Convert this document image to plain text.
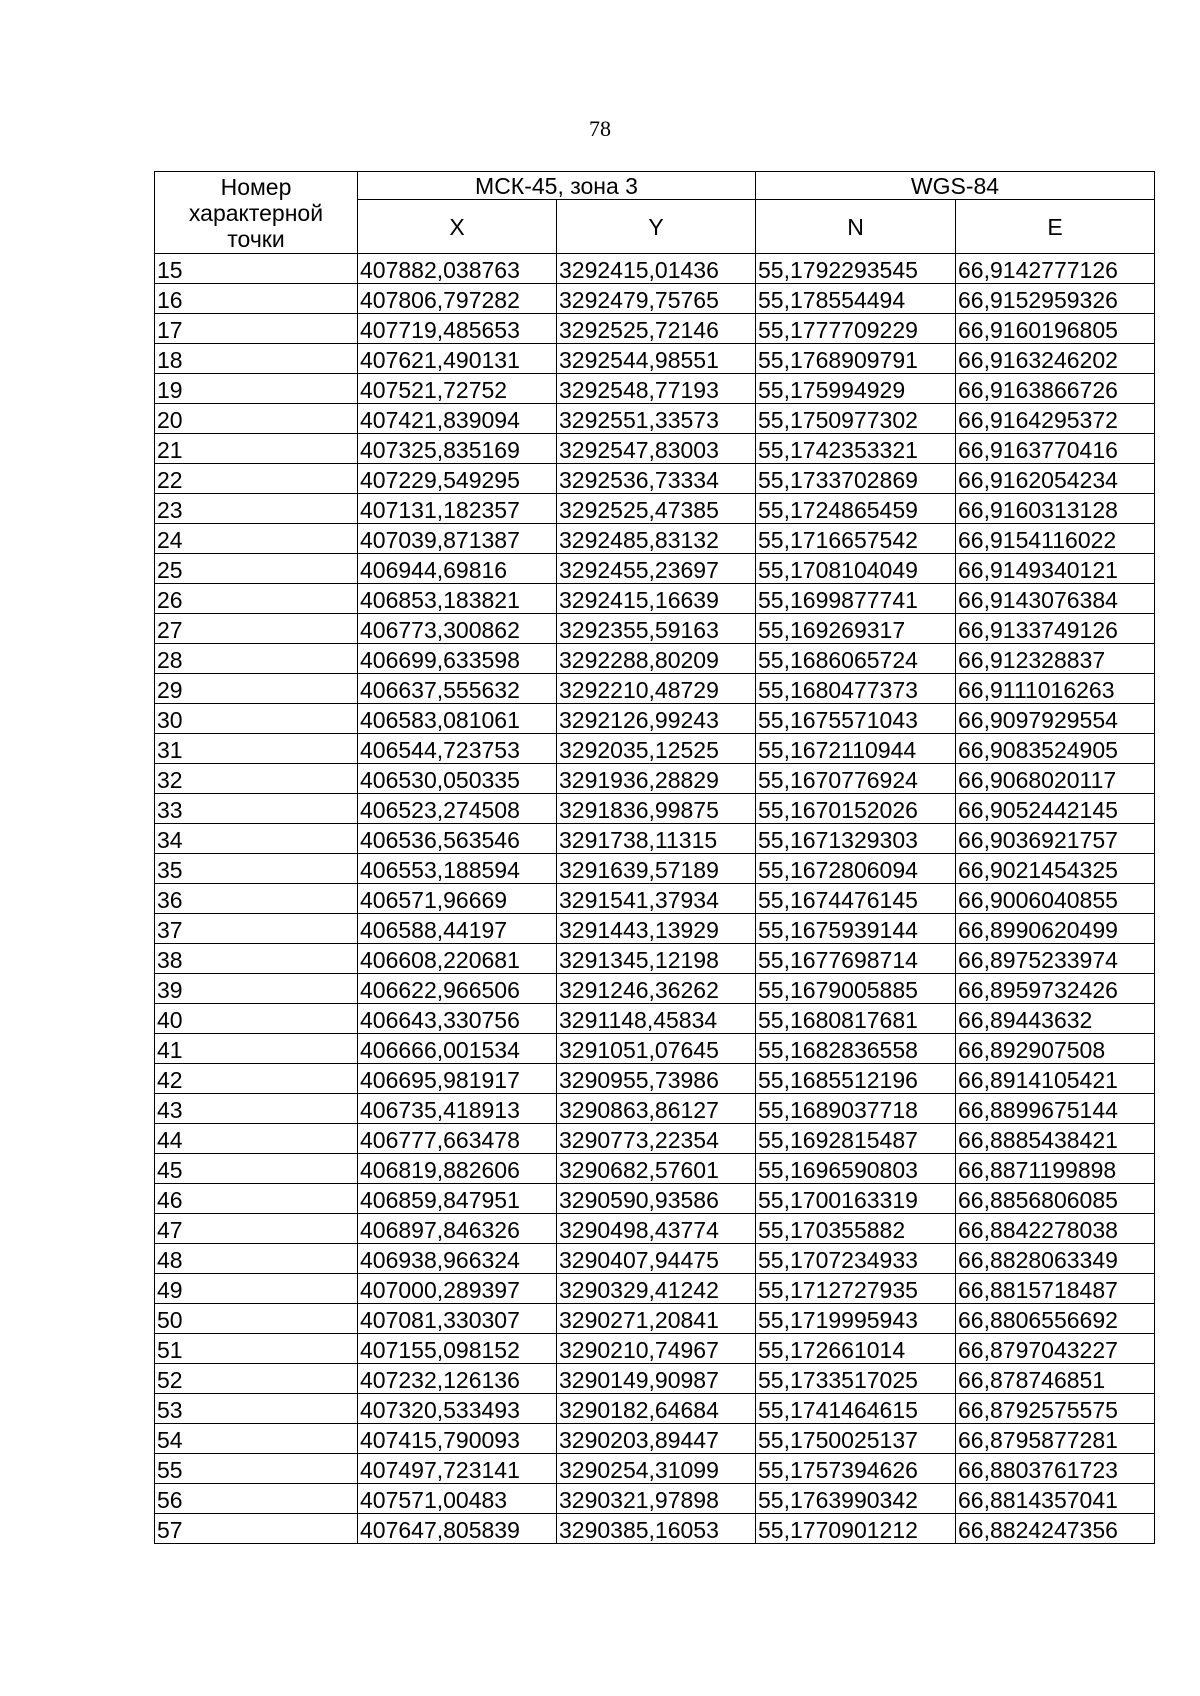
78
Номер
характерной
точки	МСК-45, зона 3		WGS-84	
	X	Y	N	E
15	407882,038763	3292415,01436	55,1792293545	66,9142777126
16	407806,797282	3292479,75765	55,178554494	66,9152959326
17	407719,485653	3292525,72146	55,1777709229	66,9160196805
18	407621,490131	3292544,98551	55,1768909791	66,9163246202
19	407521,72752	3292548,77193	55,175994929	66,9163866726
20	407421,839094	3292551,33573	55,1750977302	66,9164295372
21	407325,835169	3292547,83003	55,1742353321	66,9163770416
22	407229,549295	3292536,73334	55,1733702869	66,9162054234
23	407131,182357	3292525,47385	55,1724865459	66,9160313128
24	407039,871387	3292485,83132	55,1716657542	66,9154116022
25	406944,69816	3292455,23697	55,1708104049	66,9149340121
26	406853,183821	3292415,16639	55,1699877741	66,9143076384
27	406773,300862	3292355,59163	55,169269317	66,9133749126
28	406699,633598	3292288,80209	55,1686065724	66,912328837
29	406637,555632	3292210,48729	55,1680477373	66,9111016263
30	406583,081061	3292126,99243	55,1675571043	66,9097929554
31	406544,723753	3292035,12525	55,1672110944	66,9083524905
32	406530,050335	3291936,28829	55,1670776924	66,9068020117
33	406523,274508	3291836,99875	55,1670152026	66,9052442145
34	406536,563546	3291738,11315	55,1671329303	66,9036921757
35	406553,188594	3291639,57189	55,1672806094	66,9021454325
36	406571,96669	3291541,37934	55,1674476145	66,9006040855
37	406588,44197	3291443,13929	55,1675939144	66,8990620499
38	406608,220681	3291345,12198	55,1677698714	66,8975233974
39	406622,966506	3291246,36262	55,1679005885	66,8959732426
40	406643,330756	3291148,45834	55,1680817681	66,89443632
41	406666,001534	3291051,07645	55,1682836558	66,892907508
42	406695,981917	3290955,73986	55,1685512196	66,8914105421
43	406735,418913	3290863,86127	55,1689037718	66,8899675144
44	406777,663478	3290773,22354	55,1692815487	66,8885438421
45	406819,882606	3290682,57601	55,1696590803	66,8871199898
46	406859,847951	3290590,93586	55,1700163319	66,8856806085
47	406897,846326	3290498,43774	55,170355882	66,8842278038
48	406938,966324	3290407,94475	55,1707234933	66,8828063349
49	407000,289397	3290329,41242	55,1712727935	66,8815718487
50	407081,330307	3290271,20841	55,1719995943	66,8806556692
51	407155,098152	3290210,74967	55,172661014	66,8797043227
52	407232,126136	3290149,90987	55,1733517025	66,878746851
53	407320,533493	3290182,64684	55,1741464615	66,8792575575
54	407415,790093	3290203,89447	55,1750025137	66,8795877281
55	407497,723141	3290254,31099	55,1757394626	66,8803761723
56	407571,00483	3290321,97898	55,1763990342	66,8814357041
57	407647,805839	3290385,16053	55,1770901212	66,8824247356
